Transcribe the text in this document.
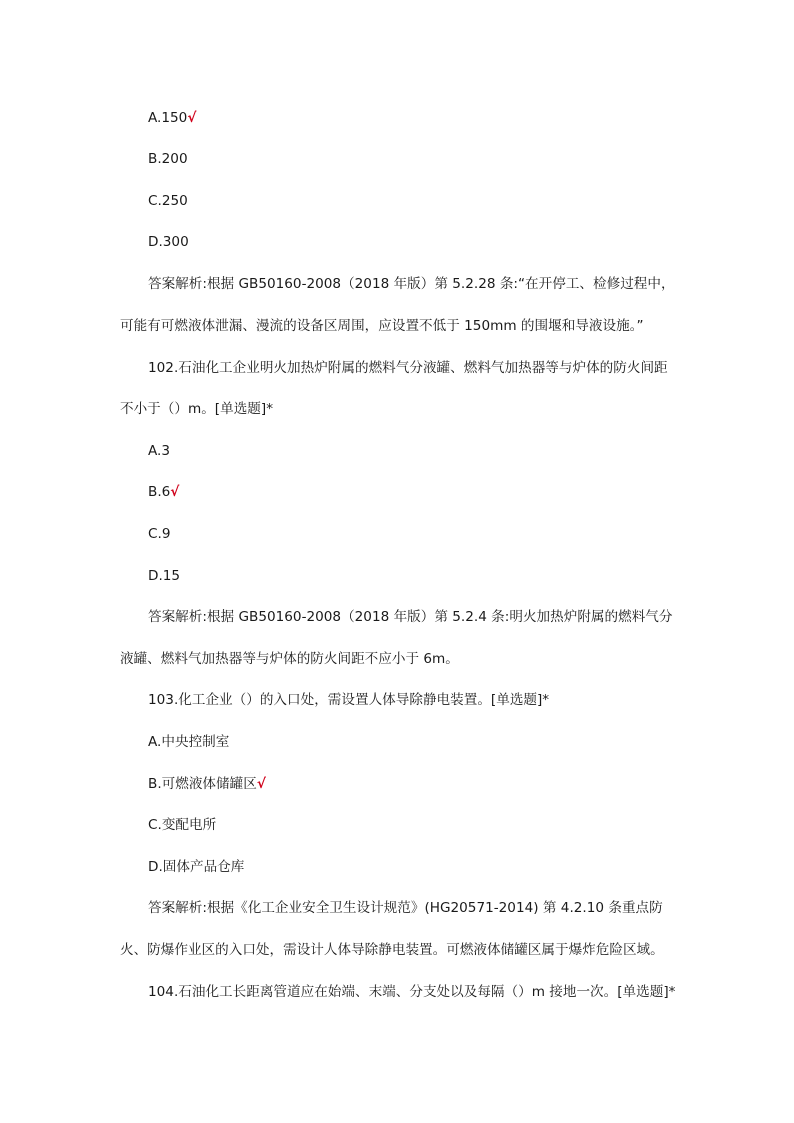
A.150√
B.200
C.250
D.300
答案解析:根据 GB50160-2008（2018 年版）第 5.2.28 条:“在开停工、检修过程中，
可能有可燃液体泄漏、漫流的设备区周围，应设置不低于 150mm 的围堰和导液设施。”
102.石油化工企业明火加热炉附属的燃料气分液罐、燃料气加热器等与炉体的防火间距
不小于（）m。[单选题]*
A.3
B.6√
C.9
D.15
答案解析:根据 GB50160-2008（2018 年版）第 5.2.4 条:明火加热炉附属的燃料气分
液罐、燃料气加热器等与炉体的防火间距不应小于 6m。
103.化工企业（）的入口处，需设置人体导除静电装置。[单选题]*
A.中央控制室
B.可燃液体储罐区√
C.变配电所
D.固体产品仓库
答案解析:根据《化工企业安全卫生设计规范》(HG20571-2014) 第 4.2.10 条重点防
火、防爆作业区的入口处，需设计人体导除静电装置。可燃液体储罐区属于爆炸危险区域。
104.石油化工长距离管道应在始端、末端、分支处以及每隔（）m 接地一次。[单选题]*
